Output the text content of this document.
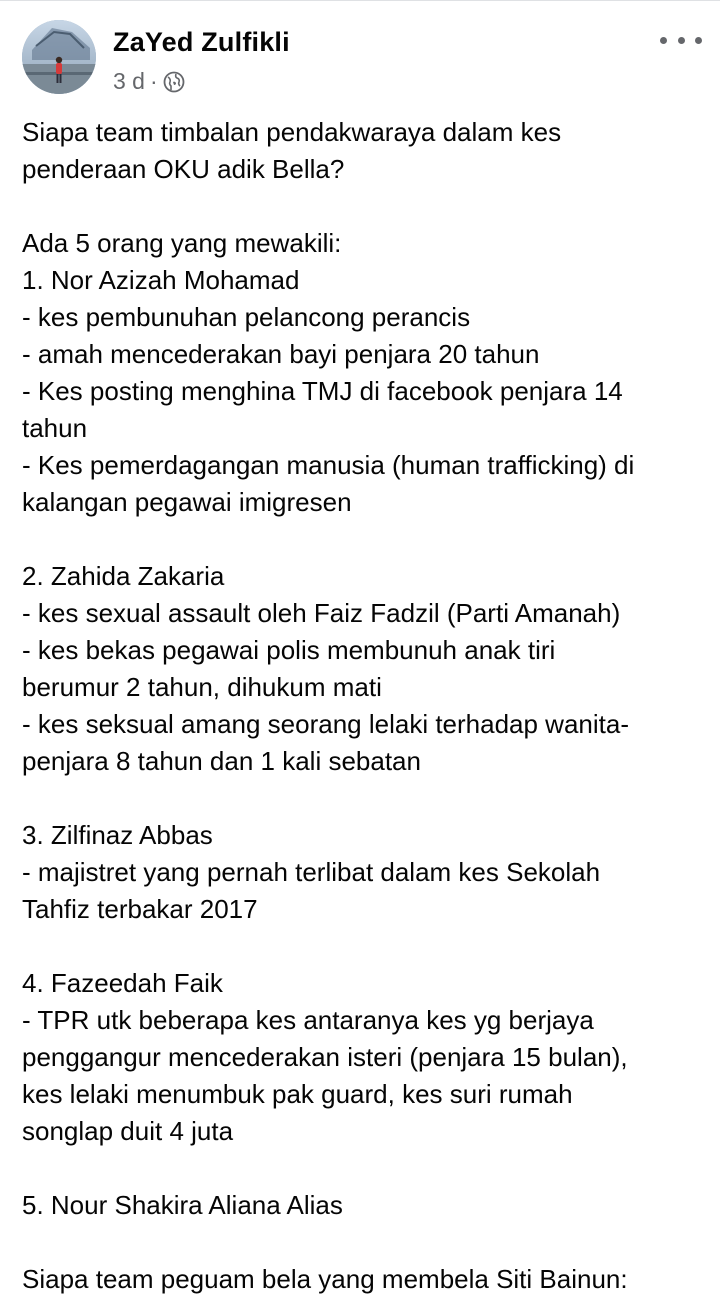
ZaYed Zulfikli
3 d ·

Siapa team timbalan pendakwaraya dalam kes

penderaan OKU adik Bella?

Ada 5 orang yang mewakili:

1. Nor Azizah Mohamad

- kes pembunuhan pelancong perancis

- amah mencederakan bayi penjara 20 tahun

- Kes posting menghina TMJ di facebook penjara 14

tahun

- Kes pemerdagangan manusia (human trafficking) di

kalangan pegawai imigresen

2. Zahida Zakaria

- kes sexual assault oleh Faiz Fadzil (Parti Amanah)

- kes bekas pegawai polis membunuh anak tiri

berumur 2 tahun, dihukum mati

- kes seksual amang seorang lelaki terhadap wanita-

penjara 8 tahun dan 1 kali sebatan

3. Zilfinaz Abbas

- majistret yang pernah terlibat dalam kes Sekolah

Tahfiz terbakar 2017

4. Fazeedah Faik

- TPR utk beberapa kes antaranya kes yg berjaya

penggangur mencederakan isteri (penjara 15 bulan),

kes lelaki menumbuk pak guard, kes suri rumah

songlap duit 4 juta

5. Nour Shakira Aliana Alias

Siapa team peguam bela yang membela Siti Bainun:
